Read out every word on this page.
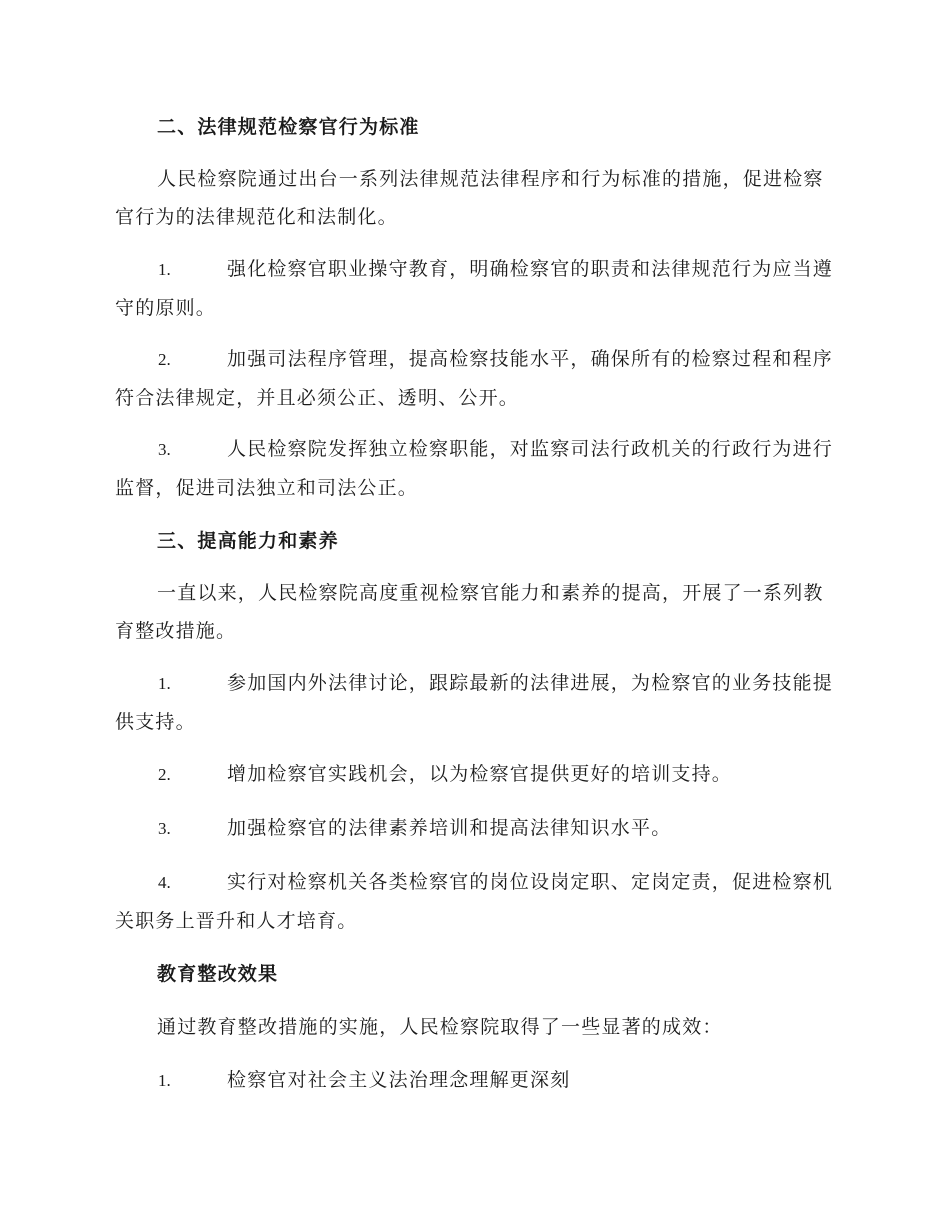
二、法律规范检察官行为标准
人民检察院通过出台一系列法律规范法律程序和行为标准的措施，促进检察官行为的法律规范化和法制化。
1.	强化检察官职业操守教育，明确检察官的职责和法律规范行为应当遵守的原则。
2.	加强司法程序管理，提高检察技能水平，确保所有的检察过程和程序符合法律规定，并且必须公正、透明、公开。
3.	人民检察院发挥独立检察职能，对监察司法行政机关的行政行为进行监督，促进司法独立和司法公正。
三、提高能力和素养
一直以来，人民检察院高度重视检察官能力和素养的提高，开展了一系列教育整改措施。
1.	参加国内外法律讨论，跟踪最新的法律进展，为检察官的业务技能提供支持。
2.	增加检察官实践机会，以为检察官提供更好的培训支持。
3.	加强检察官的法律素养培训和提高法律知识水平。
4.	实行对检察机关各类检察官的岗位设岗定职、定岗定责，促进检察机关职务上晋升和人才培育。
教育整改效果
通过教育整改措施的实施，人民检察院取得了一些显著的成效：
1.	检察官对社会主义法治理念理解更深刻
